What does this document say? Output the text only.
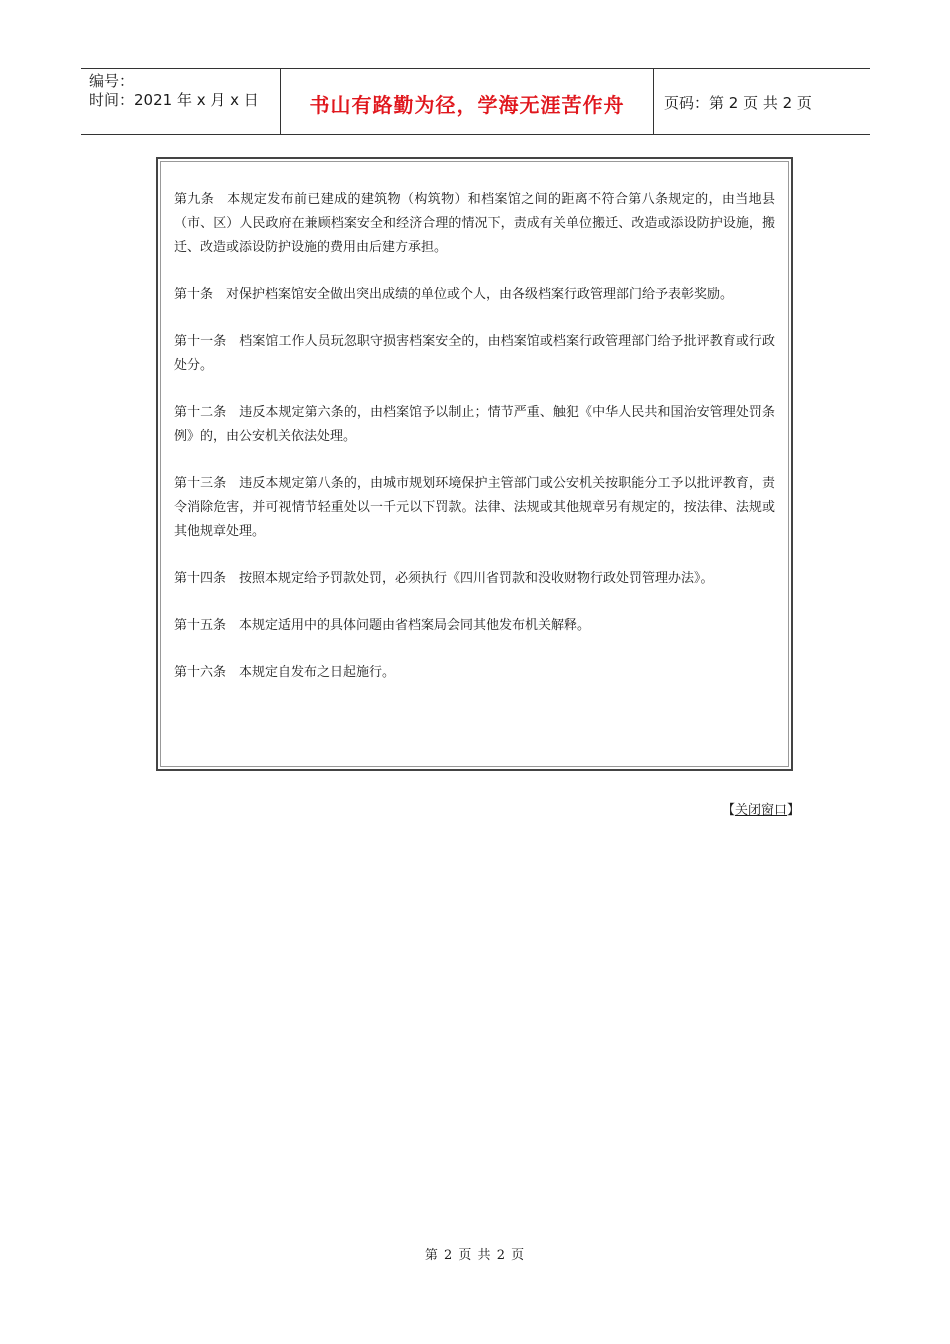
编号：
时间：2021 年 x 月 x 日	书山有路勤为径，学海无涯苦作舟	页码：第 2 页 共 2 页

第九条 本规定发布前已建成的建筑物（构筑物）和档案馆之间的距离不符合第八条规定的，由当地县（市、区）人民政府在兼顾档案安全和经济合理的情况下，责成有关单位搬迁、改造或添设防护设施，搬迁、改造或添设防护设施的费用由后建方承担。

第十条 对保护档案馆安全做出突出成绩的单位或个人，由各级档案行政管理部门给予表彰奖励。

第十一条 档案馆工作人员玩忽职守损害档案安全的，由档案馆或档案行政管理部门给予批评教育或行政处分。

第十二条 违反本规定第六条的，由档案馆予以制止；情节严重、触犯《中华人民共和国治安管理处罚条例》的，由公安机关依法处理。

第十三条 违反本规定第八条的，由城市规划环境保护主管部门或公安机关按职能分工予以批评教育，责令消除危害，并可视情节轻重处以一千元以下罚款。法律、法规或其他规章另有规定的，按法律、法规或其他规章处理。

第十四条 按照本规定给予罚款处罚，必须执行《四川省罚款和没收财物行政处罚管理办法》。

第十五条 本规定适用中的具体问题由省档案局会同其他发布机关解释。

第十六条 本规定自发布之日起施行。

【关闭窗口】
第 2 页 共 2 页
